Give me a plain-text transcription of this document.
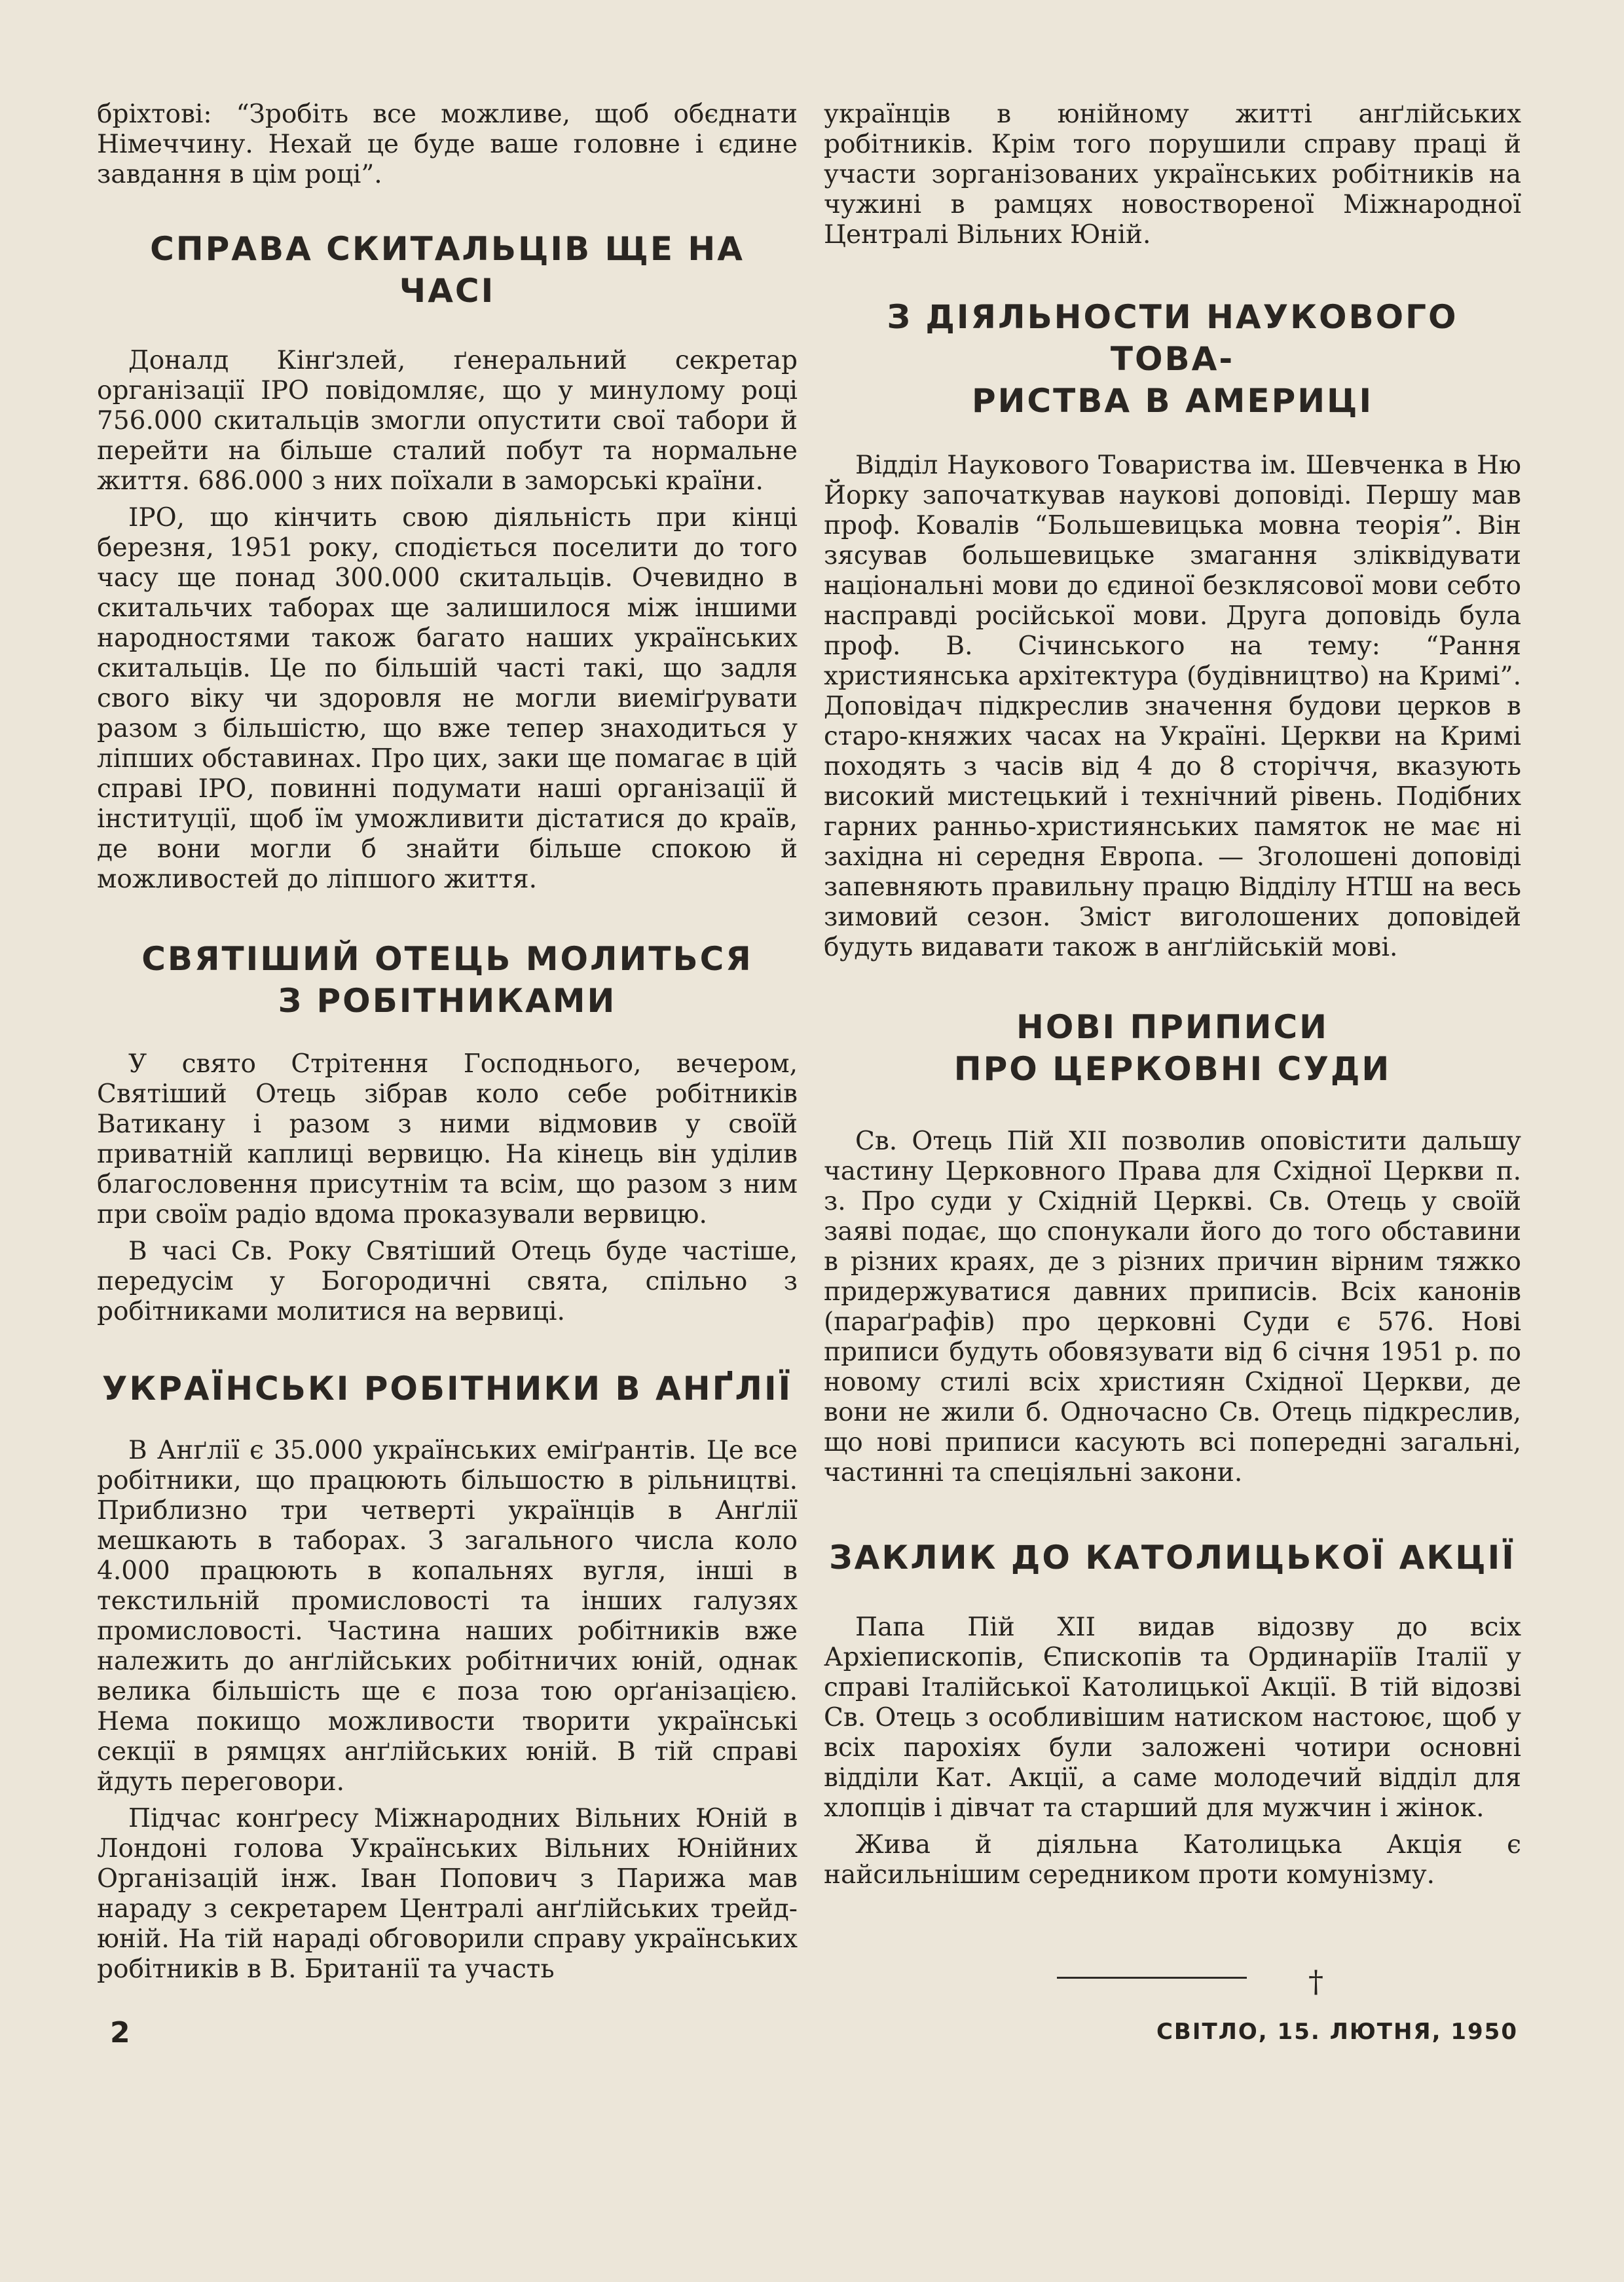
бріхтові: “Зробіть все можливе, щоб обєднати Німеччину. Нехай це буде ваше головне і єдине завдання в цім році”.

СПРАВА СКИТАЛЬЦІВ ЩЕ НА ЧАСІ

Доналд Кінґзлей, ґенеральний секретар організації ІРО повідомляє, що у минулому році 756.000 скитальців змогли опустити свої табори й перейти на більше сталий побут та нормальне життя. 686.000 з них поїхали в заморські країни.

ІРО, що кінчить свою діяльність при кінці березня, 1951 року, сподіється поселити до того часу ще понад 300.000 скитальців. Очевидно в скитальчих таборах ще залишилося між іншими народностями також багато наших українських скитальців. Це по більшій часті такі, що задля свого віку чи здоровля не могли виеміґрувати разом з більшістю, що вже тепер знаходиться у ліпших обставинах. Про цих, заки ще помагає в цій справі ІРО, повинні подумати наші організації й інституції, щоб їм уможливити дістатися до країв, де вони могли б знайти більше спокою й можливостей до ліпшого життя.

СВЯТІШИЙ ОТЕЦЬ МОЛИТЬСЯ
З РОБІТНИКАМИ

У свято Стрітення Господнього, вечером, Святіший Отець зібрав коло себе робітників Ватикану і разом з ними відмовив у своїй приватній каплиці вервицю. На кінець він уділив благословення присутнім та всім, що разом з ним при своїм радіо вдома проказували вервицю.

В часі Св. Року Святіший Отець буде частіше, передусім у Богородичні свята, спільно з робітниками молитися на вервиці.

УКРАЇНСЬКІ РОБІТНИКИ В АНҐЛІЇ

В Анґлії є 35.000 українських еміґрантів. Це все робітники, що працюють більшостю в рільництві. Приблизно три четверті українців в Анґлії мешкають в таборах. З загального числа коло 4.000 працюють в копальнях вугля, інші в текстильній промисловості та інших галузях промисловості. Частина наших робітників вже належить до анґлійських робітничих юній, однак велика більшість ще є поза тою орґанізацією. Нема покищо можливости творити українські секції в рямцях анґлійських юній. В тій справі йдуть переговори.

Підчас конґресу Міжнародних Вільних Юній в Лондоні голова Українських Вільних Юнійних Організацій інж. Іван Попович з Парижа мав нараду з секретарем Централі анґлійських трейд-юній. На тій нараді обговорили справу українських робітників в В. Британії та участь

українців в юнійному житті анґлійських робітників. Крім того порушили справу праці й участи зорганізованих українських робітників на чужині в рамцях новоствореної Міжнародної Централі Вільних Юній.

З ДІЯЛЬНОСТИ НАУКОВОГО ТОВА-
РИСТВА В АМЕРИЦІ

Відділ Наукового Товариства ім. Шевченка в Ню Йорку започаткував наукові доповіді. Першу мав проф. Ковалів “Большевицька мовна теорія”. Він зясував большевицьке змагання зліквідувати національні мови до єдиної безклясової мови себто насправді російської мови. Друга доповідь була проф. В. Січинського на тему: “Рання християнська архітектура (будівництво) на Кримі”. Доповідач підкреслив значення будови церков в старо-княжих часах на Україні. Церкви на Кримі походять з часів від 4 до 8 сторіччя, вказують високий мистецький і технічний рівень. Подібних гарних ранньо-християнських памяток не має ні західна ні середня Европа. — Зголошені доповіді запевняють правильну працю Відділу НТШ на весь зимовий сезон. Зміст виголошених доповідей будуть видавати також в анґлійській мові.

НОВІ ПРИПИСИ
ПРО ЦЕРКОВНІ СУДИ

Св. Отець Пій XII позволив оповістити дальшу частину Церковного Права для Східної Церкви п. з. Про суди у Східній Церкві. Св. Отець у своїй заяві подає, що спонукали його до того обставини в різних краях, де з різних причин вірним тяжко придержуватися давних приписів. Всіх канонів (параґрафів) про церковні Суди є 576. Нові приписи будуть обовязувати від 6 січня 1951 р. по новому стилі всіх християн Східної Церкви, де вони не жили б. Одночасно Св. Отець підкреслив, що нові приписи касують всі попередні загальні, частинні та спеціяльні закони.

ЗАКЛИК ДО КАТОЛИЦЬКОЇ АКЦІЇ

Папа Пій XII видав відозву до всіх Архіепископів, Єпископів та Ординаріїв Італії у справі Італійської Католицької Акції. В тій відозві Св. Отець з особливішим натиском настоює, щоб у всіх парохіях були заложені чотири основні відділи Кат. Акції, а саме молодечий відділ для хлопців і дівчат та старший для мужчин і жінок.

Жива й діяльна Католицька Акція є найсильнішим середником проти комунізму.

†
2	СВІТЛО, 15. ЛЮТНЯ, 1950
